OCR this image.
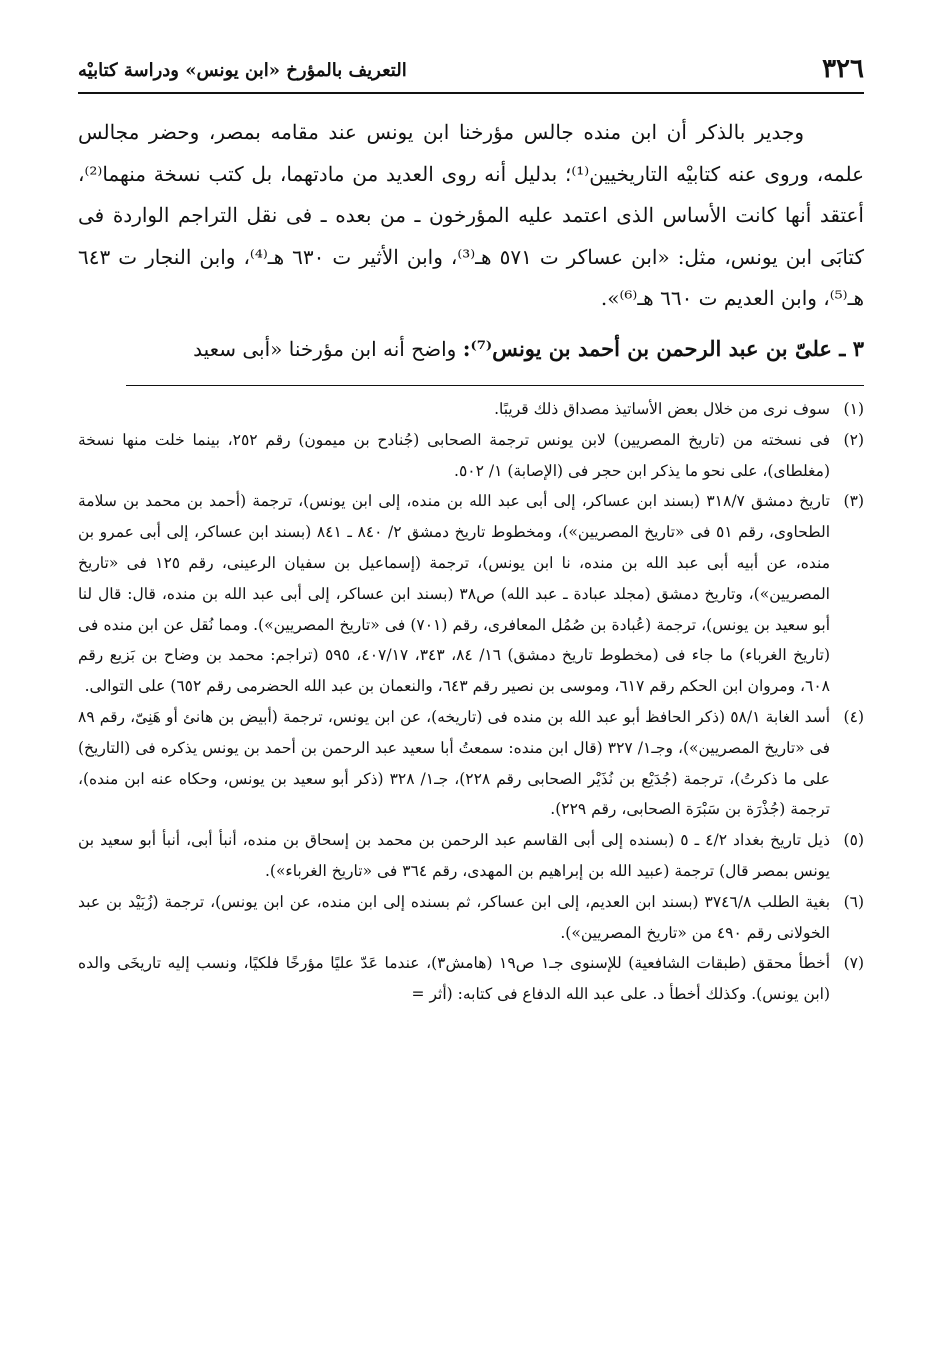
٣٢٦
التعريف بالمؤرخ «ابن يونس» ودراسة كتابيْه

وجدير بالذكر أن ابن منده جالس مؤرخنا ابن يونس عند مقامه بمصر، وحضر مجالس علمه، وروى عنه كتابيْه التاريخيين⁽¹⁾؛ بدليل أنه روى العديد من مادتهما، بل كتب نسخة منهما⁽²⁾، أعتقد أنها كانت الأساس الذى اعتمد عليه المؤرخون ـ من بعده ـ فى نقل التراجم الواردة فى كتابَى ابن يونس، مثل: «ابن عساكر ت ٥٧١ هـ⁽³⁾، وابن الأثير ت ٦٣٠ هـ⁽⁴⁾، وابن النجار ت ٦٤٣ هـ⁽⁵⁾، وابن العديم ت ٦٦٠ هـ⁽⁶⁾».

٣ ـ علىّ بن عبد الرحمن بن أحمد بن يونس⁽⁷⁾: واضح أنه ابن مؤرخنا «أبى سعيد

(١)سوف نرى من خلال بعض الأساتيذ مصداق ذلك قريبًا.

(٢)فى نسخته من (تاريخ المصريين) لابن يونس ترجمة الصحابى (جُنادح بن ميمون) رقم ٢٥٢، بينما خلت منها نسخة (مغلطاى)، على نحو ما يذكر ابن حجر فى (الإصابة) ١/ ٥٠٢.

(٣)تاريخ دمشق ٣١٨/٧ (بسند ابن عساكر، إلى أبى عبد الله بن منده، إلى ابن يونس)، ترجمة (أحمد بن محمد بن سلامة الطحاوى، رقم ٥١ فى «تاريخ المصريين»)، ومخطوط تاريخ دمشق ٢/ ٨٤٠ ـ ٨٤١ (بسند ابن عساكر، إلى أبى عمرو بن منده، عن أبيه أبى عبد الله بن منده، نا ابن يونس)، ترجمة (إسماعيل بن سفيان الرعينى، رقم ١٢٥ فى «تاريخ المصريين»)، وتاريخ دمشق (مجلد عبادة ـ عبد الله) ص٣٨ (بسند ابن عساكر، إلى أبى عبد الله بن منده، قال: قال لنا أبو سعيد بن يونس)، ترجمة (عُبادة بن صُمُل المعافرى، رقم (٧٠١) فى «تاريخ المصريين»). ومما نُقل عن ابن منده فى (تاريخ الغرباء) ما جاء فى (مخطوط تاريخ دمشق) ١٦/ ٨٤، ٣٤٣، ٤٠٧/١٧، ٥٩٥ (تراجم: محمد بن وضاح بن بَزيع رقم ٦٠٨، ومروان ابن الحكم رقم ٦١٧، وموسى بن نصير رقم ٦٤٣، والنعمان بن عبد الله الحضرمى رقم ٦٥٢) على التوالى.

(٤)أسد الغابة ٥٨/١ (ذكر الحافظ أبو عبد الله بن منده فى (تاريخه)، عن ابن يونس، ترجمة (أبيض بن هانئ أو هَنِىّ، رقم ٨٩ فى «تاريخ المصريين»)، وجـ١/ ٣٢٧ (قال ابن منده: سمعتُ أبا سعيد عبد الرحمن بن أحمد بن يونس يذكره فى (التاريخ) على ما ذكرتُ)، ترجمة (جُدَيْع بن نُذَيْر الصحابى رقم ٢٢٨)، جـ١/ ٣٢٨ (ذكر أبو سعيد بن يونس، وحكاه عنه ابن منده)، ترجمة (جُذْرَة بن سَبْرَة الصحابى، رقم ٢٢٩).

(٥)ذيل تاريخ بغداد ٤/٢ ـ ٥ (بسنده إلى أبى القاسم عبد الرحمن بن محمد بن إسحاق بن منده، أنبأ أبى، أنبأ أبو سعيد بن يونس بمصر قال) ترجمة (عبيد الله بن إبراهيم بن المهدى، رقم ٣٦٤ فى «تاريخ الغرباء»).

(٦)بغية الطلب ٣٧٤٦/٨ (بسند ابن العديم، إلى ابن عساكر، ثم بسنده إلى ابن منده، عن ابن يونس)، ترجمة (زُبَيْد بن عبد الخولانى رقم ٤٩٠ من «تاريخ المصريين»).

(٧)أخطأ محقق (طبقات الشافعية) للإسنوى جـ١ ص١٩ (هامش٣)، عندما عَدّ عليًا مؤرخًا فلكيًا، ونسب إليه تاريخَى والده (ابن يونس). وكذلك أخطأ د. على عبد الله الدفاع فى كتابه: (أثر =
